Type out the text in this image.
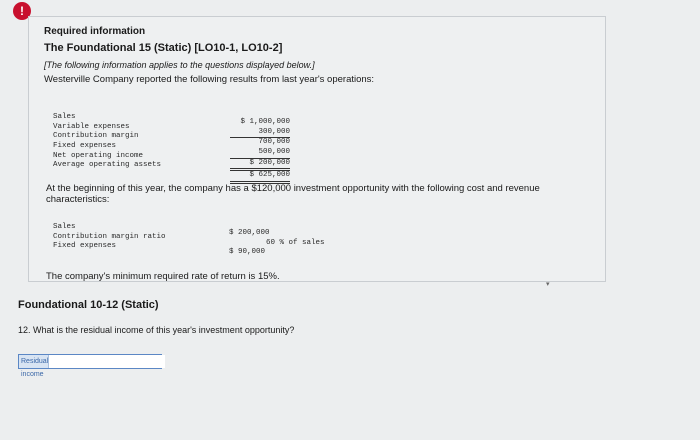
!
Required information
The Foundational 15 (Static) [LO10-1, LO10-2]
[The following information applies to the questions displayed below.]
Westerville Company reported the following results from last year's operations:
Sales
Variable expenses
Contribution margin
Fixed expenses
Net operating income
Average operating assets
$ 1,000,000
300,000
700,000
500,000
$ 200,000
$ 625,000
At the beginning of this year, the company has a $120,000 investment opportunity with the following cost and revenue characteristics:
Sales
Contribution margin ratio
Fixed expenses
$ 200,000
60 % of sales
$ 90,000
The company's minimum required rate of return is 15%.
▾
Foundational 10-12 (Static)
12. What is the residual income of this year's investment opportunity?
Residual income
